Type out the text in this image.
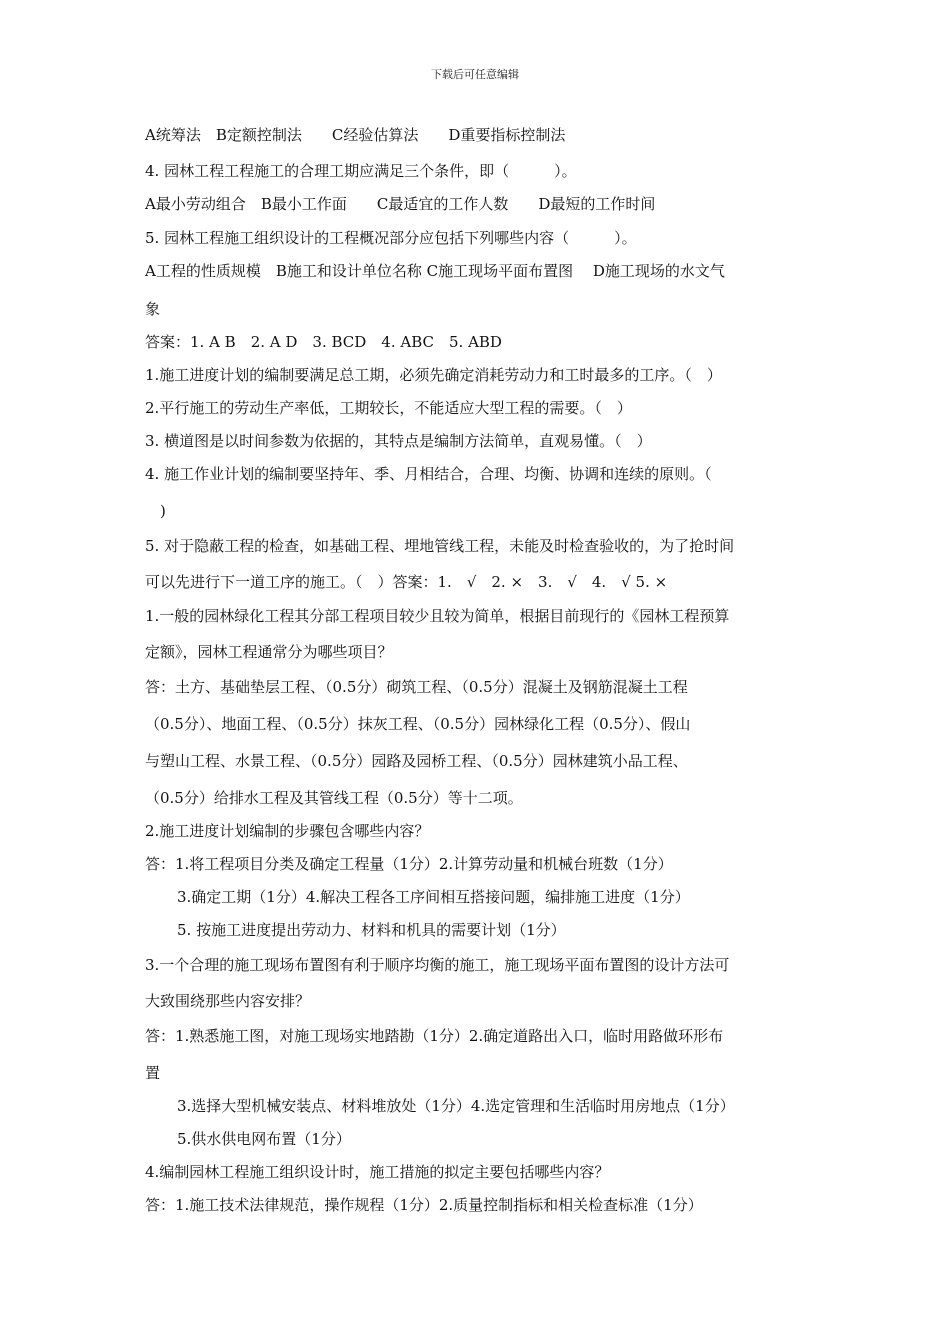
下载后可任意编辑
A统筹法　B定额控制法　　C经验估算法　　D重要指标控制法
4. 园林工程工程施工的合理工期应满足三个条件，即（　　　）。
A最小劳动组合　B最小工作面　　C最适宜的工作人数　　D最短的工作时间
5. 园林工程施工组织设计的工程概况部分应包括下列哪些内容（　　　）。
A工程的性质规模　B施工和设计单位名称 C施工现场平面布置图　 D施工现场的水文气
象
答案：1. A B　2. A D　3. BCD　4. ABC　5. ABD
1.施工进度计划的编制要满足总工期，必须先确定消耗劳动力和工时最多的工序。（　）
2.平行施工的劳动生产率低，工期较长，不能适应大型工程的需要。（　）
3. 横道图是以时间参数为依据的，其特点是编制方法简单，直观易懂。（　）
4. 施工作业计划的编制要坚持年、季、月相结合，合理、均衡、协调和连续的原则。（
　)
5. 对于隐蔽工程的检查，如基础工程、埋地管线工程，未能及时检查验收的，为了抢时间
可以先进行下一道工序的施工。（　）答案：1.　√　2. ×　3.　√　4.　√ 5. ×
1.一般的园林绿化工程其分部工程项目较少且较为简单，根据目前现行的《园林工程预算
定额》，园林工程通常分为哪些项目？
答：土方、基础垫层工程、（0.5分）砌筑工程、（0.5分）混凝土及钢筋混凝土工程
（0.5分）、地面工程、（0.5分）抹灰工程、（0.5分）园林绿化工程（0.5分）、假山
与塑山工程、水景工程、（0.5分）园路及园桥工程、（0.5分）园林建筑小品工程、
（0.5分）给排水工程及其管线工程（0.5分）等十二项。
2.施工进度计划编制的步骤包含哪些内容？
答：1.将工程项目分类及确定工程量（1分）2.计算劳动量和机械台班数（1分）
3.确定工期（1分）4.解决工程各工序间相互搭接问题，编排施工进度（1分）
5. 按施工进度提出劳动力、材料和机具的需要计划（1分）
3.一个合理的施工现场布置图有利于顺序均衡的施工，施工现场平面布置图的设计方法可
大致围绕那些内容安排？
答：1.熟悉施工图，对施工现场实地踏勘（1分）2.确定道路出入口，临时用路做环形布
置
3.选择大型机械安装点、材料堆放处（1分）4.选定管理和生活临时用房地点（1分）
5.供水供电网布置（1分）
4.编制园林工程施工组织设计时，施工措施的拟定主要包括哪些内容？
答：1.施工技术法律规范，操作规程（1分）2.质量控制指标和相关检查标准（1分）
